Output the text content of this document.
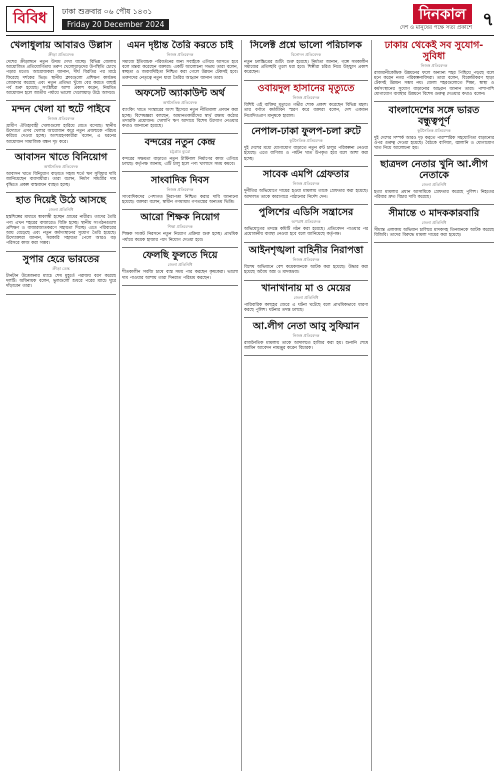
বিবিধ	ঢাকা শুক্রবার ০৬ পৌষ ১৪৩১
Friday 20 December 2024
দিনকাল
দেশ ও মানুষের পক্ষে সত্য প্রকাশে ৭
খেলাধুলায় আবারও উল্লাস
ক্রীড়া প্রতিবেদক
দেশের ক্রীড়াঙ্গনে নতুন উদ্যম দেখা যাচ্ছে। বিভিন্ন জেলায় আয়োজিত প্রতিযোগিতায় তরুণ খেলোয়াড়দের উপস্থিতি চোখে পড়ার মতো। আয়োজকরা জানান, দীর্ঘ বিরতির পর মাঠে ফিরেছে দর্শকের ভিড়। স্থানীয় ক্লাবগুলো প্রশিক্ষণ কার্যক্রম জোরদার করেছে এবং নতুন প্রতিভা খুঁজে বের করতে বাছাই পর্ব শুরু হয়েছে। সংশ্লিষ্টরা আশা প্রকাশ করেন, নিয়মিত আয়োজন হলে জাতীয় পর্যায়ে ভালো খেলোয়াড় উঠে আসবে।
মন্দন খেলা যা হুটে পাইবে
নিজস্ব প্রতিবেদক
গ্রামীণ ঐতিহ্যবাহী খেলাগুলো হারিয়ে যেতে বসেছে। স্থানীয় উদ্যোগে এসব খেলার আয়োজন করে নতুন প্রজন্মকে পরিচয় করিয়ে দেওয়া হচ্ছে। অংশগ্রহণকারীরা বলেন, এ ধরনের আয়োজন সামাজিক বন্ধন দৃঢ় করে।
আবাসন খাতে বিনিয়োগ
অর্থনৈতিক প্রতিবেদক
আবাসন খাতে বিনিয়োগ বাড়াতে সহজ শর্তে ঋণ সুবিধার দাবি জানিয়েছেন ব্যবসায়ীরা। তারা বলেন, নির্মাণ সামগ্রীর দাম বৃদ্ধিতে প্রকল্প বাস্তবায়ন ব্যাহত হচ্ছে।
হাত দিয়েই উঠে আসছে
জেলা প্রতিনিধি
হস্তশিল্পের মাধ্যমে স্বাবলম্বী হচ্ছেন গ্রামের নারীরা। তাদের তৈরি পণ্য এখন শহরের বাজারেও বিক্রি হচ্ছে। স্থানীয় সংগঠনগুলো প্রশিক্ষণ ও বাজারজাতকরণে সহায়তা দিচ্ছে। এতে পরিবারের আয় বেড়েছে এবং নতুন কর্মসংস্থানের সুযোগ তৈরি হয়েছে। উদ্যোক্তারা জানান, সরকারি সহায়তা পেলে আরও বড় পরিসরে কাজ করা সম্ভব।
সুপার হেরে ভারতের
ক্রীড়া ডেস্ক
টানটান উত্তেজনার ম্যাচে শেষ মুহূর্তে পরাজয় বরণ করেছে দলটি। অধিনায়ক বলেন, ভুলগুলো শুধরে পরের ম্যাচে ঘুরে দাঁড়াবেন তারা।
এমন দৃষ্টান্ত তৈরি করতে চাই
নিজস্ব প্রতিবেদক
সমাজে ইতিবাচক পরিবর্তনের জন্য সবাইকে এগিয়ে আসতে হবে বলে মন্তব্য করেছেন বক্তারা। একটি আলোচনা সভায় তারা বলেন, স্বচ্ছতা ও জবাবদিহিতা নিশ্চিত করা গেলে উন্নয়ন টেকসই হবে। তরুণদের নেতৃত্বে নতুন ধারা তৈরির আহ্বান জানান তারা।
অফসেট অ্যাকাউন্ট অর্থ
অর্থনৈতিক প্রতিবেদক
ব্যাংকিং খাতে সংস্কারের অংশ হিসেবে নতুন নীতিমালা প্রণয়ন করা হচ্ছে। বিশেষজ্ঞরা বলছেন, আমানতকারীদের স্বার্থ রক্ষায় কঠোর তদারকি প্রয়োজন। খেলাপি ঋণ আদায়ে বিশেষ উদ্যোগ নেওয়ার কথাও জানানো হয়েছে।
বন্দরের নতুন কেন্দ্র
চট্টগ্রাম ব্যুরো
বন্দরের সক্ষমতা বাড়াতে নতুন টার্মিনাল নির্মাণের কাজ এগিয়ে চলছে। কর্তৃপক্ষ জানায়, এটি চালু হলে পণ্য খালাসে সময় কমবে।
সাংবাদিক দিবস
নিজস্ব প্রতিবেদক
সাংবাদিকদের পেশাগত নিরাপত্তা নিশ্চিত করার দাবি জানানো হয়েছে। বক্তারা বলেন, স্বাধীন গণমাধ্যম গণতন্ত্রের অন্যতম ভিত্তি।
আরো শিক্ষক নিয়োগ
শিক্ষা প্রতিবেদক
শিক্ষক সংকট নিরসনে নতুন নিয়োগ প্রক্রিয়া শুরু হচ্ছে। প্রাথমিক পর্যায়ে কয়েক হাজার পদে নিয়োগ দেওয়া হবে।
ফেলছি ফুলতে দিয়ে
জেলা প্রতিনিধি
শীতকালীন সবজি চাষে ব্যস্ত সময় পার করছেন কৃষকেরা। ভালো দাম পাওয়ার আশায় তারা দিনরাত পরিশ্রম করছেন।
সিলেক্ট প্রশ্নে ভালো পরিচালক
বিনোদন প্রতিবেদক
নতুন চলচ্চিত্রের শুটিং শুরু হয়েছে। নির্মাতা জানান, গল্পে সমকালীন সমাজের প্রতিচ্ছবি তুলে ধরা হবে। শিল্পীরা চরিত্র নিয়ে উচ্ছ্বাস প্রকাশ করেছেন।
ওবায়দুল হাসানের মৃত্যুতে
নিজস্ব প্রতিবেদক
বিশিষ্ট এই ব্যক্তির মৃত্যুতে গভীর শোক প্রকাশ করেছেন বিভিন্ন মহল। তার বর্ণাঢ্য কর্মজীবন স্মরণ করে বক্তারা বলেন, দেশ একজন নিবেদিতপ্রাণ মানুষকে হারাল।
নেপাল-ঢাকা ফুলপ-চলা রুটে
কূটনৈতিক প্রতিবেদক
দুই দেশের মধ্যে যোগাযোগ বাড়াতে নতুন রুট চালুর পরিকল্পনা নেওয়া হয়েছে। এতে বাণিজ্য ও পর্যটন খাত উপকৃত হবে বলে আশা করা হচ্ছে।
সাবেক এমপি গ্রেফতার
নিজস্ব প্রতিবেদক
দুর্নীতির অভিযোগে দায়ের হওয়া মামলায় তাকে গ্রেফতার করা হয়েছে। আদালত তাকে কারাগারে পাঠানোর নির্দেশ দেন।
পুলিশের এডিসি সন্ত্রাসের
অপরাধ প্রতিবেদক
অভিযোগের তদন্তে কমিটি গঠন করা হয়েছে। প্রতিবেদন পাওয়ার পর প্রয়োজনীয় ব্যবস্থা নেওয়া হবে বলে জানিয়েছে কর্তৃপক্ষ।
আইনশৃঙ্খলা বাহিনীর নিরাপত্তা
নিজস্ব প্রতিবেদক
বিশেষ অভিযানে বেশ কয়েকজনকে আটক করা হয়েছে। উদ্ধার করা হয়েছে অবৈধ অস্ত্র ও মাদকদ্রব্য।
খানাখানায় মা ও মেয়ের
জেলা প্রতিনিধি
পারিবারিক কলহের জেরে এ ঘটনা ঘটেছে বলে প্রাথমিকভাবে ধারণা করছে পুলিশ। ঘটনার তদন্ত চলছে।
আ.লীগ নেতা আবু সুফিয়ান
নিজস্ব প্রতিবেদক
রাজনৈতিক মামলায় তাকে আদালতে হাজির করা হয়। শুনানি শেষে জামিন আবেদন নামঞ্জুর করেন বিচারক।
ঢাকায় থেকেই সব সুযোগ-সুবিধা
নিজস্ব প্রতিবেদক
রাজধানীকেন্দ্রিক উন্নয়নের ফলে অন্যান্য শহর পিছিয়ে পড়ছে বলে মনে করেন নগর পরিকল্পনাবিদরা। তারা বলেন, বিকেন্দ্রীকরণ ছাড়া টেকসই উন্নয়ন সম্ভব নয়। জেলা শহরগুলোতে শিক্ষা, স্বাস্থ্য ও কর্মসংস্থানের সুযোগ বাড়ানোর আহ্বান জানান তারা। পাশাপাশি যোগাযোগ ব্যবস্থার উন্নয়নে বিশেষ গুরুত্ব দেওয়ার কথাও বলেন।
বাংলাদেশের সঙ্গে ভারত বন্ধুত্বপূর্ণ
কূটনৈতিক প্রতিবেদক
দুই দেশের সম্পর্ক আরও দৃঢ় করতে পারস্পরিক সহযোগিতা বাড়ানোর ওপর গুরুত্ব দেওয়া হয়েছে। বৈঠকে বাণিজ্য, জ্বালানি ও যোগাযোগ খাত নিয়ে আলোচনা হয়।
ছাত্রদল নেতার খুনি আ.লীগ নেতাকে
জেলা প্রতিনিধি
হত্যা মামলার প্রধান আসামিকে গ্রেফতার করেছে পুলিশ। নিহতের পরিবার দ্রুত বিচার দাবি করেছে।
সীমান্তে ৩ মাদককারবারি
জেলা প্রতিনিধি
সীমান্ত এলাকায় অভিযান চালিয়ে মাদকসহ তিনজনকে আটক করেছে বিজিবি। তাদের বিরুদ্ধে মামলা দায়ের করা হয়েছে।
